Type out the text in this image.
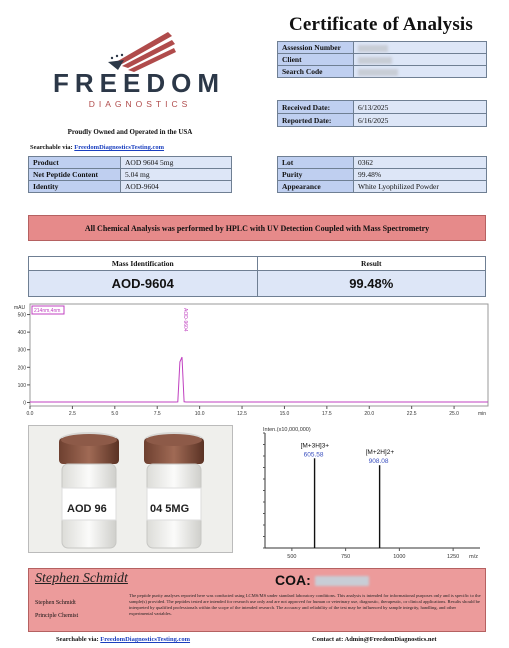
Certificate of Analysis
FREEDOM
DIAGNOSTICS
Proudly Owned and Operated in the USA
Searchable via: FreedomDiagnosticsTesting.com
Assession Number	
Client	
Search Code	
Received Date:	6/13/2025
Reported Date:	6/16/2025
Product	AOD 9604 5mg
Net Peptide Content	5.04 mg
Identity	AOD-9604
Lot	0362
Purity	99.48%
Appearance	White Lyophilized Powder
All Chemical Analysis was performed by HPLC with UV Detection Coupled with Mass Spectrometry
Mass Identification	Result
AOD-9604	99.48%
0
100
200
300
400
500
0.0	2.5	5.0	7.5	10.0	12.5	15.0	17.5	20.0	22.5	25.0	min
mAU 214nm,4nm	AOD-9604
AOD 96	04 5MG
Inten.(x10,000,000)
500	750	1000	1250 m/z
[M+3H]3+
605.58	[M+2H]2+
908.08
Stephen Schmidt
Stephen Schmidt
Principle Chemist
COA:
The peptide purity analyses reported here was conducted using LCMS/MS under standard laboratory conditions. This analysis is intended for informational purposes only and is specific to the sample(s) provided. The peptides tested are intended for research use only and are not approved for human or veterinary use, diagnostic, therapeutic, or clinical applications. Results should be interpreted by qualified professionals within the scope of the intended research. The accuracy and reliability of the test may be influenced by sample integrity, handling, and other experimental variables.
Searchable via: FreedomDiagnosticsTesting.com	Contact at: Admin@FreedomDiagnostics.net
